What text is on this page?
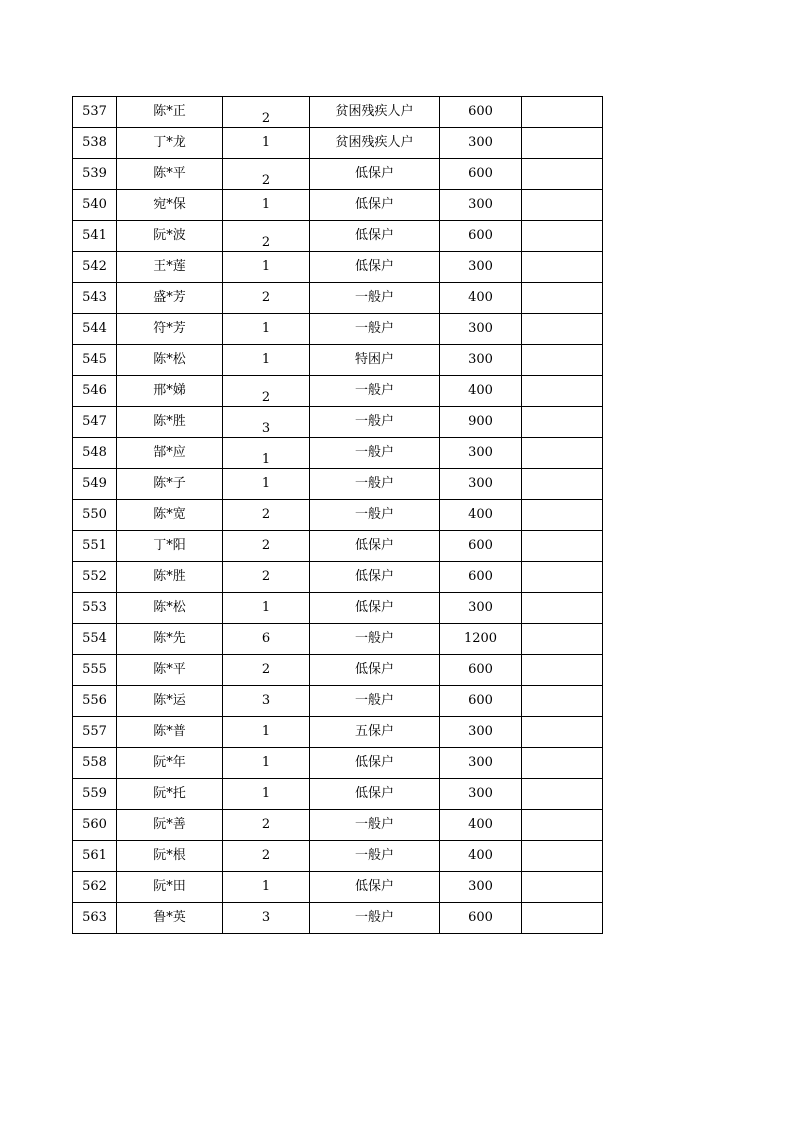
537	陈*正	2	贫困残疾人户	600	
538	丁*龙	1	贫困残疾人户	300	
539	陈*平	2	低保户	600	
540	宛*保	1	低保户	300	
541	阮*波	2	低保户	600	
542	王*莲	1	低保户	300	
543	盛*芳	2	一般户	400	
544	符*芳	1	一般户	300	
545	陈*松	1	特困户	300	
546	邢*娣	2	一般户	400	
547	陈*胜	3	一般户	900	
548	郜*应	1	一般户	300	
549	陈*子	1	一般户	300	
550	陈*宽	2	一般户	400	
551	丁*阳	2	低保户	600	
552	陈*胜	2	低保户	600	
553	陈*松	1	低保户	300	
554	陈*先	6	一般户	1200	
555	陈*平	2	低保户	600	
556	陈*运	3	一般户	600	
557	陈*普	1	五保户	300	
558	阮*年	1	低保户	300	
559	阮*托	1	低保户	300	
560	阮*善	2	一般户	400	
561	阮*根	2	一般户	400	
562	阮*田	1	低保户	300	
563	鲁*英	3	一般户	600	
